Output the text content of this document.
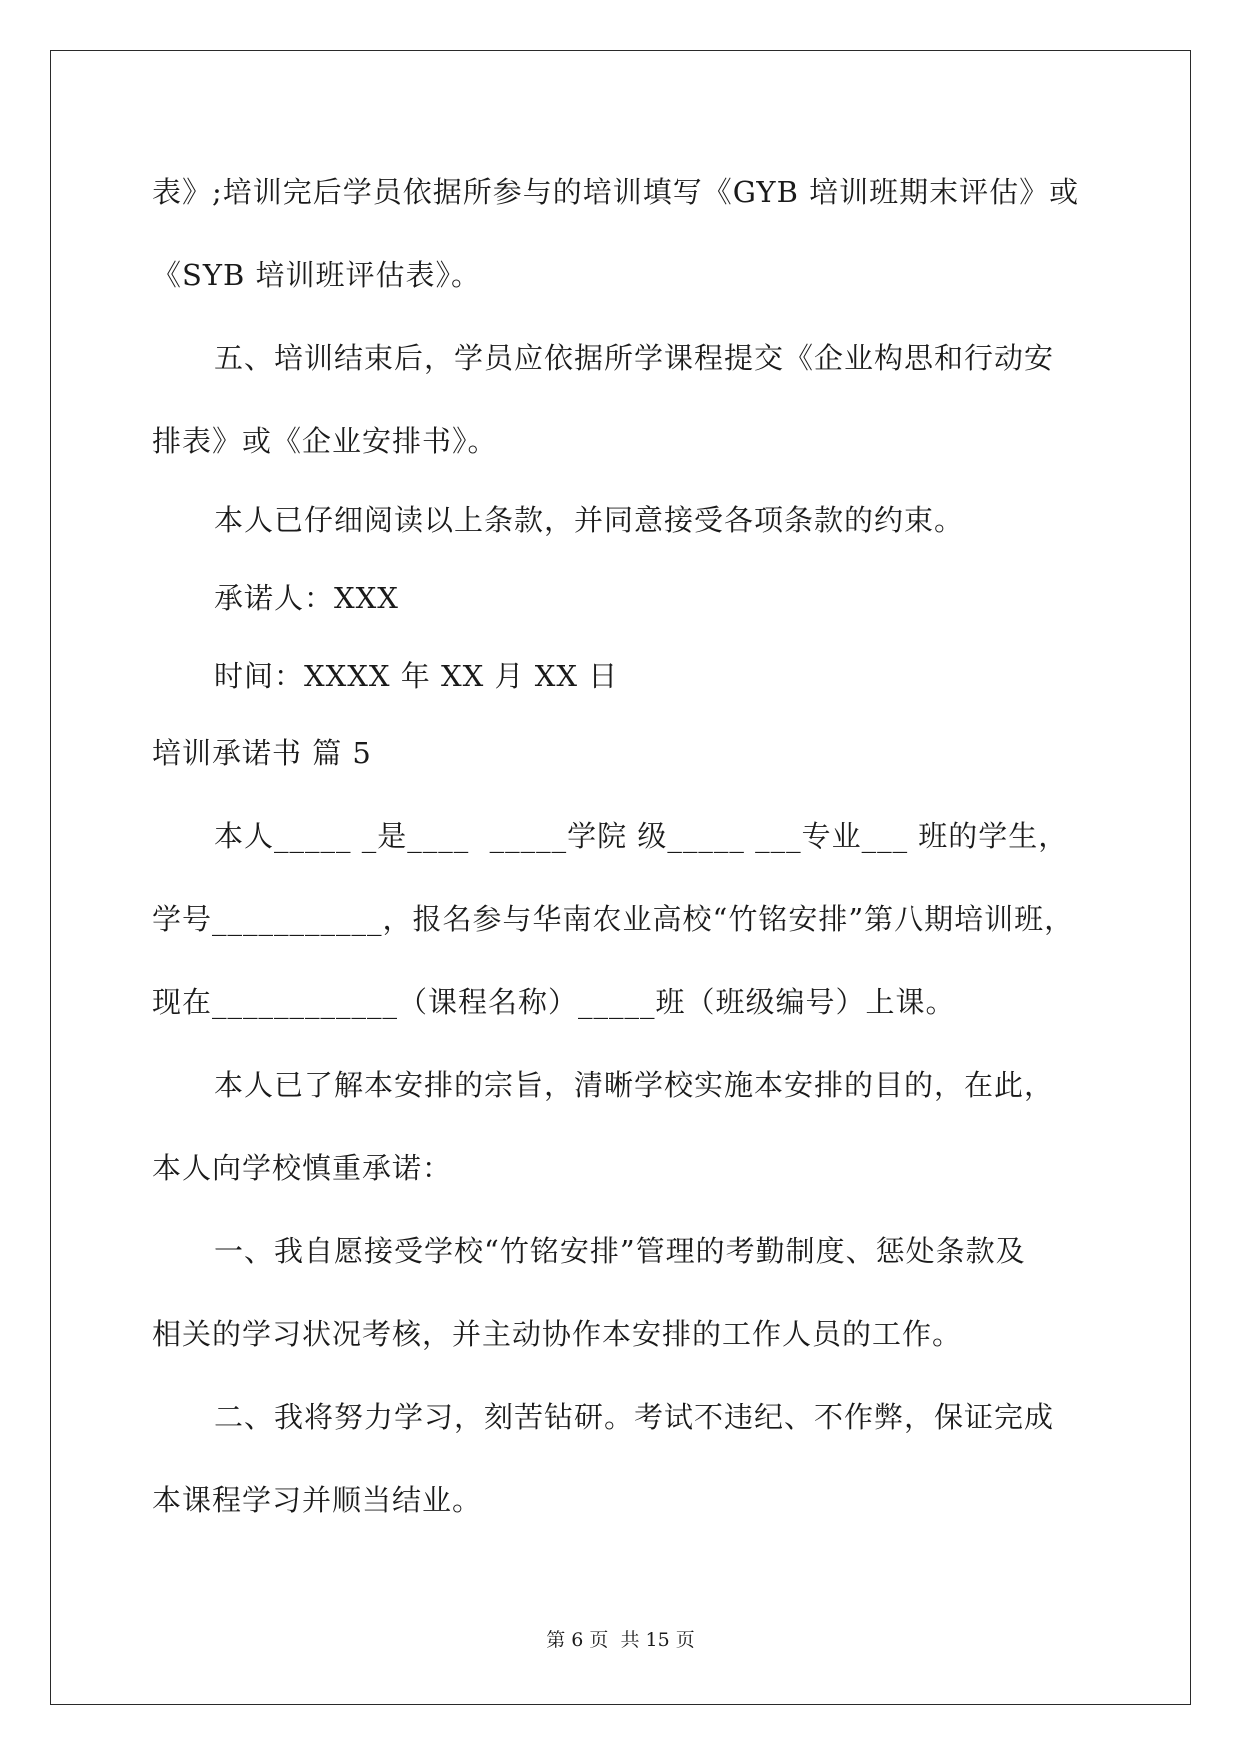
表》;培训完后学员依据所参与的培训填写《GYB 培训班期末评估》或
《SYB 培训班评估表》。
五、培训结束后，学员应依据所学课程提交《企业构思和行动安
排表》或《企业安排书》。
本人已仔细阅读以上条款，并同意接受各项条款的约束。
承诺人：XXX
时间：XXXX 年 XX 月 XX 日
培训承诺书 篇 5
本人_____ _是____  _____学院 级_____ ___专业___ 班的学生，
学号___________，报名参与华南农业高校“竹铭安排”第八期培训班，
现在____________（课程名称）_____班（班级编号）上课。
本人已了解本安排的宗旨，清晰学校实施本安排的目的，在此，
本人向学校慎重承诺：
一、我自愿接受学校“竹铭安排”管理的考勤制度、惩处条款及
相关的学习状况考核，并主动协作本安排的工作人员的工作。
二、我将努力学习，刻苦钻研。考试不违纪、不作弊，保证完成
本课程学习并顺当结业。
第 6 页  共 15 页
